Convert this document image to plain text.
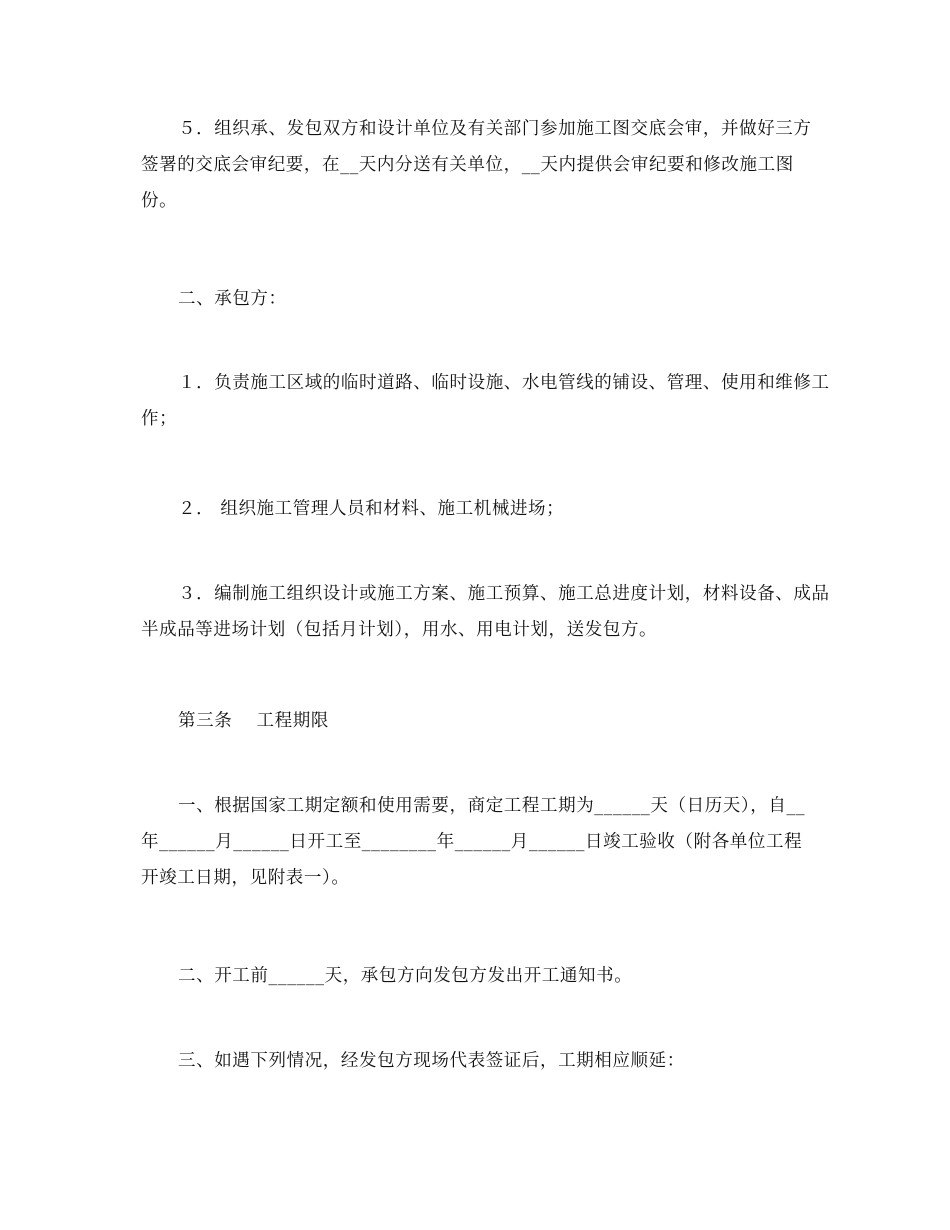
５．组织承、发包双方和设计单位及有关部门参加施工图交底会审，并做好三方
签署的交底会审纪要，在__天内分送有关单位，__天内提供会审纪要和修改施工图
份。

二、承包方：

１．负责施工区域的临时道路、临时设施、水电管线的铺设、管理、使用和维修工
作；

２． 组织施工管理人员和材料、施工机械进场；

３．编制施工组织设计或施工方案、施工预算、施工总进度计划，材料设备、成品
半成品等进场计划（包括月计划），用水、用电计划，送发包方。

第三条　 工程期限

一、根据国家工期定额和使用需要，商定工程工期为______天（日历天），自__
年______月______日开工至________年______月______日竣工验收（附各单位工程
开竣工日期，见附表一）。

二、开工前______天，承包方向发包方发出开工通知书。

三、如遇下列情况，经发包方现场代表签证后，工期相应顺延：
